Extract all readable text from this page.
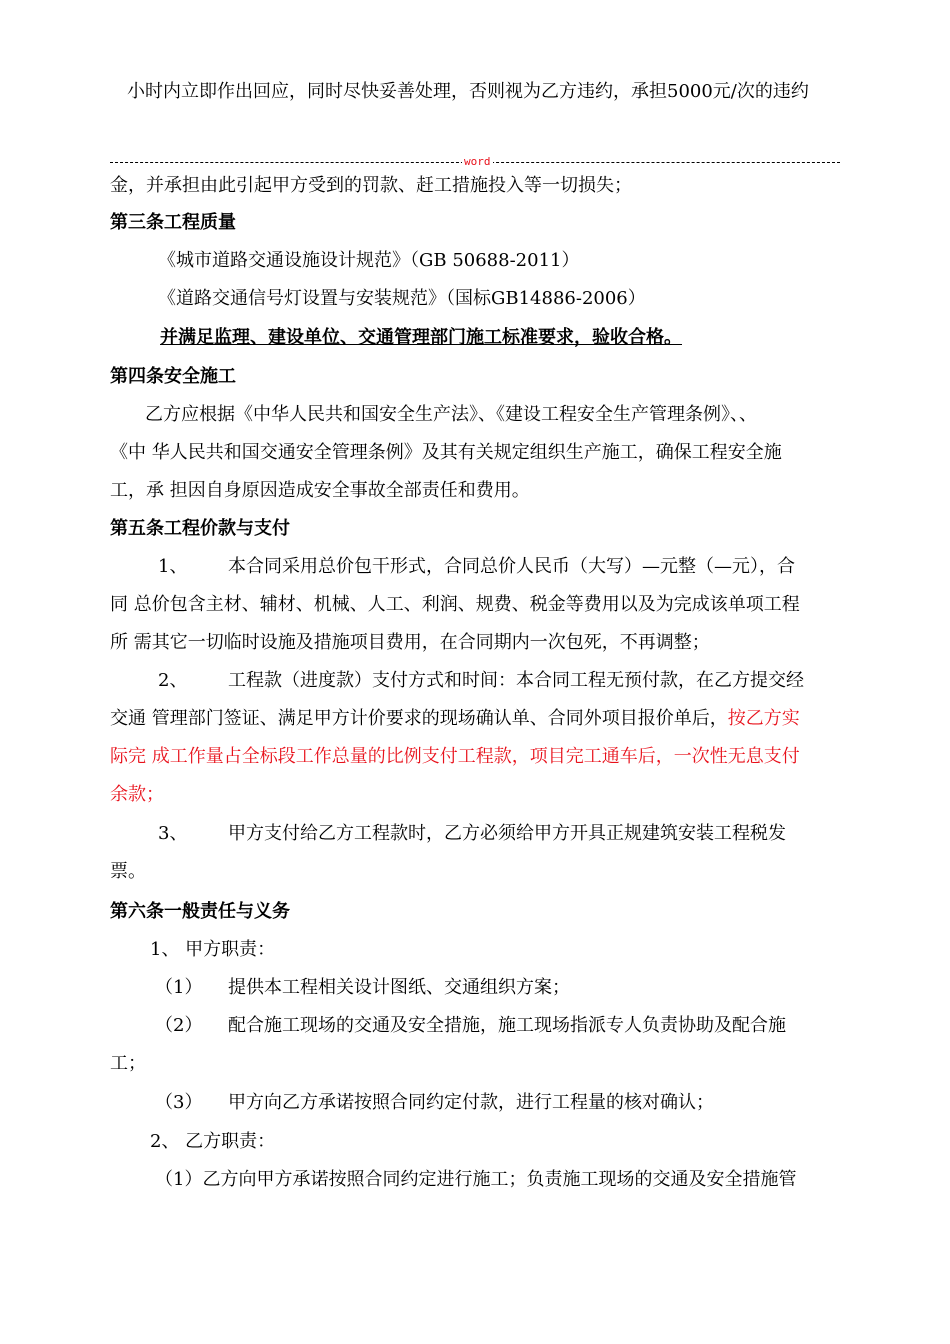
小时内立即作出回应，同时尽快妥善处理，否则视为乙方违约，承担5000元/次的违约
word
金，并承担由此引起甲方受到的罚款、赶工措施投入等一切损失；
第三条工程质量
《城市道路交通设施设计规范》（GB 50688-2011）
《道路交通信号灯设置与安装规范》（国标GB14886-2006）
并满足监理、建设单位、交通管理部门施工标准要求，验收合格。
第四条安全施工
乙方应根据《中华人民共和国安全生产法》、《建设工程安全生产管理条例》、、
《中 华人民共和国交通安全管理条例》及其有关规定组织生产施工，确保工程安全施
工，承 担因自身原因造成安全事故全部责任和费用。
第五条工程价款与支付
1、 本合同采用总价包干形式，合同总价人民币（大写）—元整（—元），合
同 总价包含主材、辅材、机械、人工、利润、规费、税金等费用以及为完成该单项工程
所 需其它一切临时设施及措施项目费用，在合同期内一次包死，不再调整；
2、 工程款（进度款）支付方式和时间：本合同工程无预付款，在乙方提交经
交通 管理部门签证、满足甲方计价要求的现场确认单、合同外项目报价单后，按乙方实
际完 成工作量占全标段工作总量的比例支付工程款，项目完工通车后，一次性无息支付
余款；
3、 甲方支付给乙方工程款时，乙方必须给甲方开具正规建筑安装工程税发
票。
第六条一般责任与义务
1、 甲方职责：
（1）	提供本工程相关设计图纸、交通组织方案；
（2）	配合施工现场的交通及安全措施，施工现场指派专人负责协助及配合施
工；
（3）	甲方向乙方承诺按照合同约定付款，进行工程量的核对确认；
2、 乙方职责：
（1）乙方向甲方承诺按照合同约定进行施工；负责施工现场的交通及安全措施管
